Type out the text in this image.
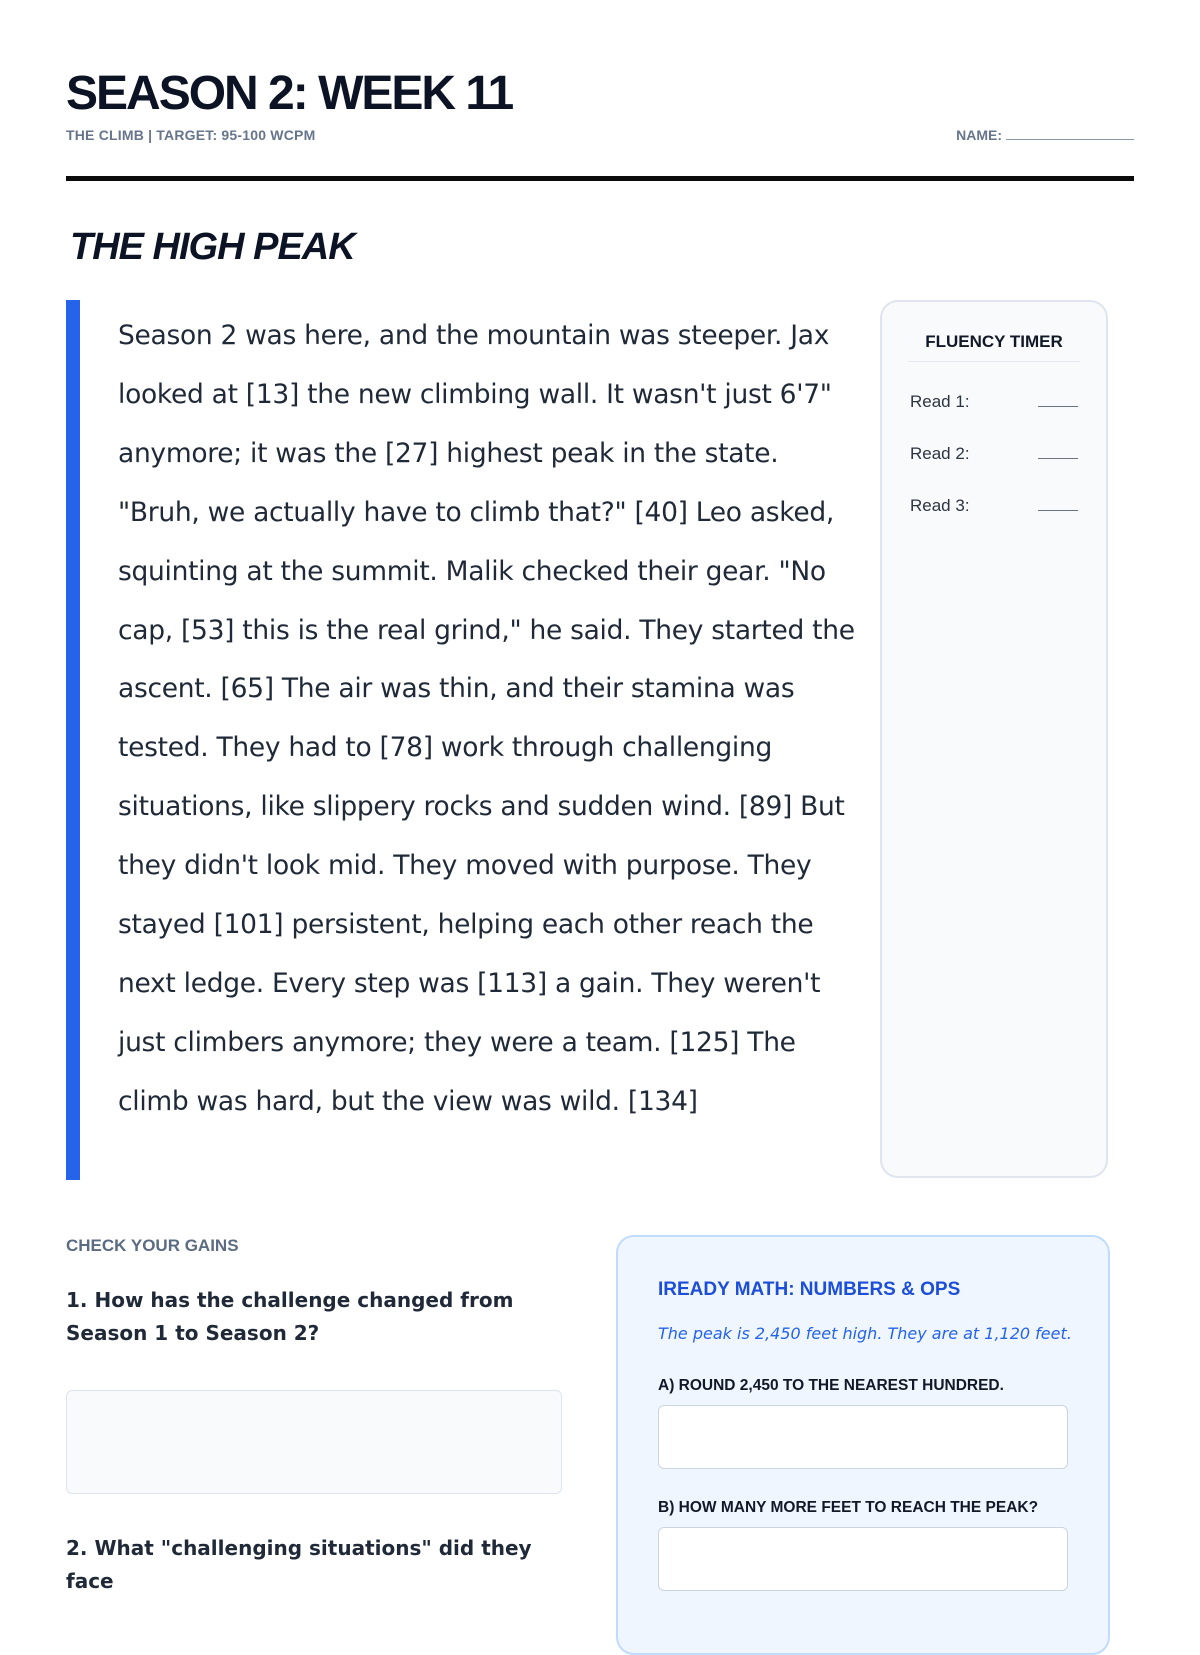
SEASON 2: WEEK 11
THE CLIMB | TARGET: 95-100 WCPM	NAME:
THE HIGH PEAK

Season 2 was here, and the mountain was steeper. Jax looked at [13] the new climbing wall. It wasn't just 6'7" anymore; it was the [27] highest peak in the state. "Bruh, we actually have to climb that?" [40] Leo asked, squinting at the summit. Malik checked their gear. "No cap, [53] this is the real grind," he said. They started the ascent. [65] The air was thin, and their stamina was tested. They had to [78] work through challenging situations, like slippery rocks and sudden wind. [89] But they didn't look mid. They moved with purpose. They stayed [101] persistent, helping each other reach the next ledge. Every step was [113] a gain. They weren't just climbers anymore; they were a team. [125] The climb was hard, but the view was wild. [134]

FLUENCY TIMER
Read 1:
Read 2:
Read 3:
CHECK YOUR GAINS
1. How has the challenge changed from Season 1 to Season 2?
2. What "challenging situations" did they face
IREADY MATH: NUMBERS & OPS
The peak is 2,450 feet high. They are at 1,120 feet.
A) ROUND 2,450 TO THE NEAREST HUNDRED.
B) HOW MANY MORE FEET TO REACH THE PEAK?
